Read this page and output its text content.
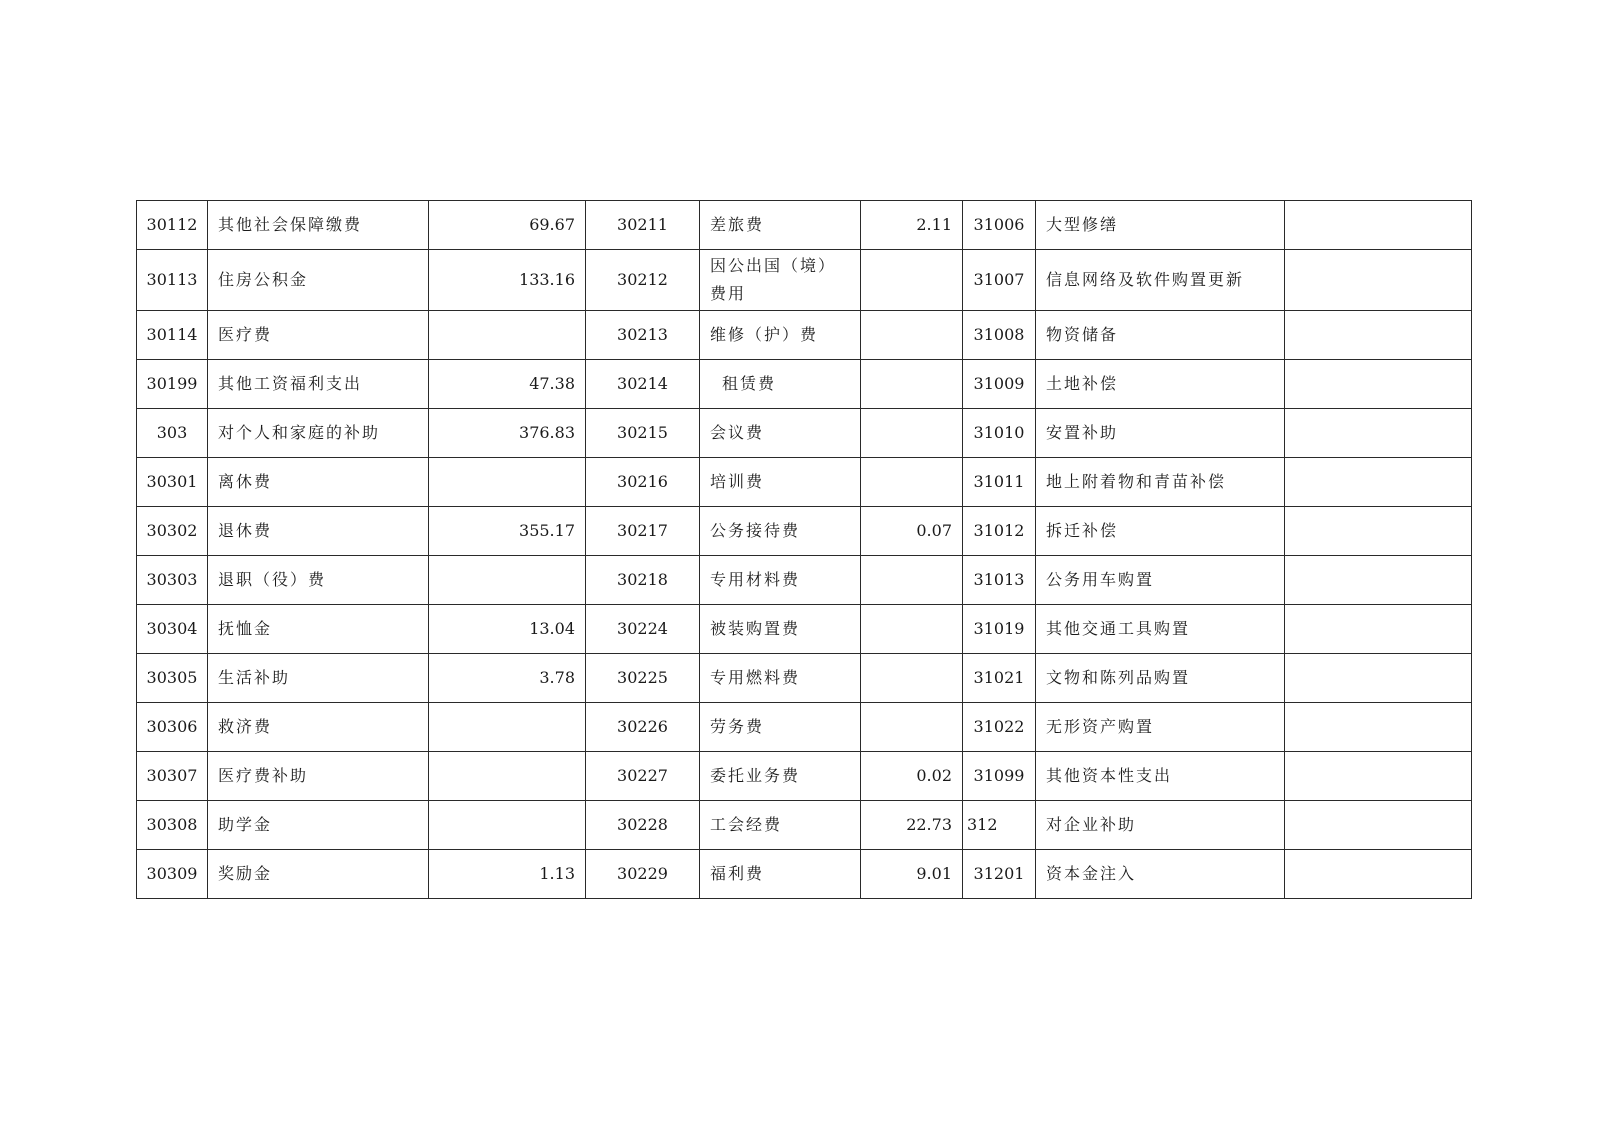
30112	其他社会保障缴费	69.67	30211	差旅费	2.11	31006	大型修缮	
30113	住房公积金	133.16	30212	因公出国（境）费用		31007	信息网络及软件购置更新	
30114	医疗费		30213	维修（护）费		31008	物资储备	
30199	其他工资福利支出	47.38	30214	租赁费		31009	土地补偿	
303	对个人和家庭的补助	376.83	30215	会议费		31010	安置补助	
30301	离休费		30216	培训费		31011	地上附着物和青苗补偿	
30302	退休费	355.17	30217	公务接待费	0.07	31012	拆迁补偿	
30303	退职（役）费		30218	专用材料费		31013	公务用车购置	
30304	抚恤金	13.04	30224	被装购置费		31019	其他交通工具购置	
30305	生活补助	3.78	30225	专用燃料费		31021	文物和陈列品购置	
30306	救济费		30226	劳务费		31022	无形资产购置	
30307	医疗费补助		30227	委托业务费	0.02	31099	其他资本性支出	
30308	助学金		30228	工会经费	22.73	312	对企业补助	
30309	奖励金	1.13	30229	福利费	9.01	31201	资本金注入	
